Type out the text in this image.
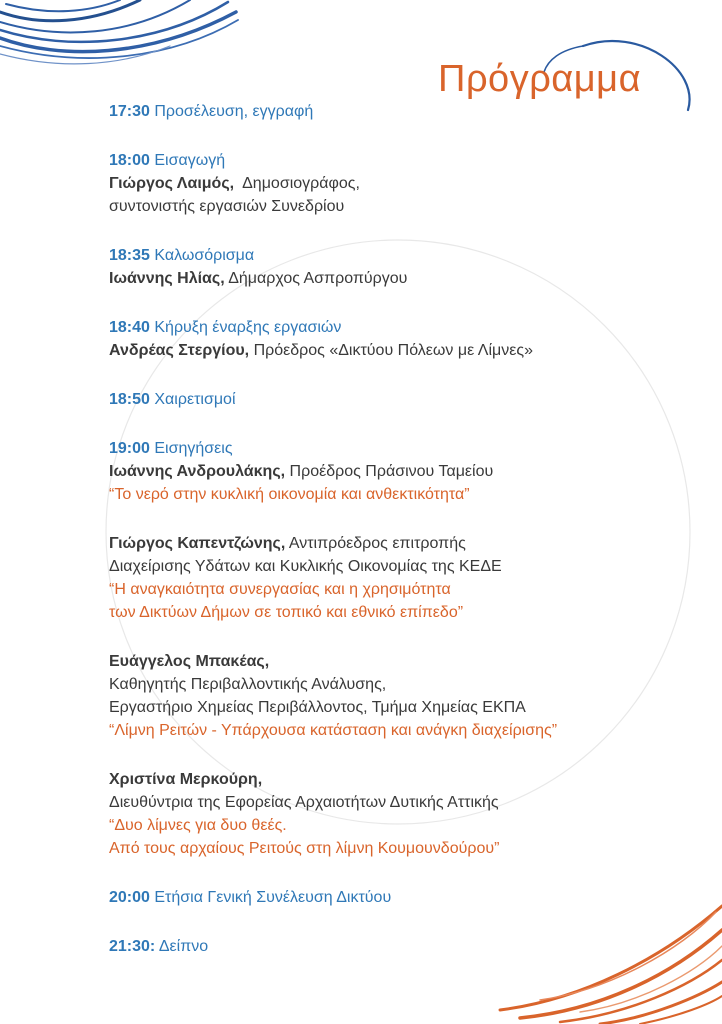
Πρόγραμμα
17:30 Προσέλευση, εγγραφή
18:00 Εισαγωγή
Γιώργος Λαιμός, Δημοσιογράφος,
συντονιστής εργασιών Συνεδρίου
18:35 Καλωσόρισμα
Ιωάννης Ηλίας, Δήμαρχος Ασπροπύργου
18:40 Κήρυξη έναρξης εργασιών
Ανδρέας Στεργίου, Πρόεδρος «Δικτύου Πόλεων με Λίμνες»
18:50 Χαιρετισμοί
19:00 Εισηγήσεις
Ιωάννης Ανδρουλάκης, Προέδρος Πράσινου Ταμείου
“Το νερό στην κυκλική οικονομία και ανθεκτικότητα”
Γιώργος Καπεντζώνης, Αντιπρόεδρος επιτροπής
Διαχείρισης Υδάτων και Κυκλικής Οικονομίας της ΚΕΔΕ
“Η αναγκαιότητα συνεργασίας και η χρησιμότητα
των Δικτύων Δήμων σε τοπικό και εθνικό επίπεδο”
Ευάγγελος Μπακέας,
Καθηγητής Περιβαλλοντικής Ανάλυσης,
Εργαστήριο Χημείας Περιβάλλοντος, Τμήμα Χημείας ΕΚΠΑ
“Λίμνη Ρειτών - Υπάρχουσα κατάσταση και ανάγκη διαχείρισης”
Χριστίνα Μερκούρη,
Διευθύντρια της Εφορείας Αρχαιοτήτων Δυτικής Αττικής
“Δυο λίμνες για δυο θεές.
Από τους αρχαίους Ρειτούς στη λίμνη Κουμουνδούρου”
20:00 Ετήσια Γενική Συνέλευση Δικτύου
21:30: Δείπνο
